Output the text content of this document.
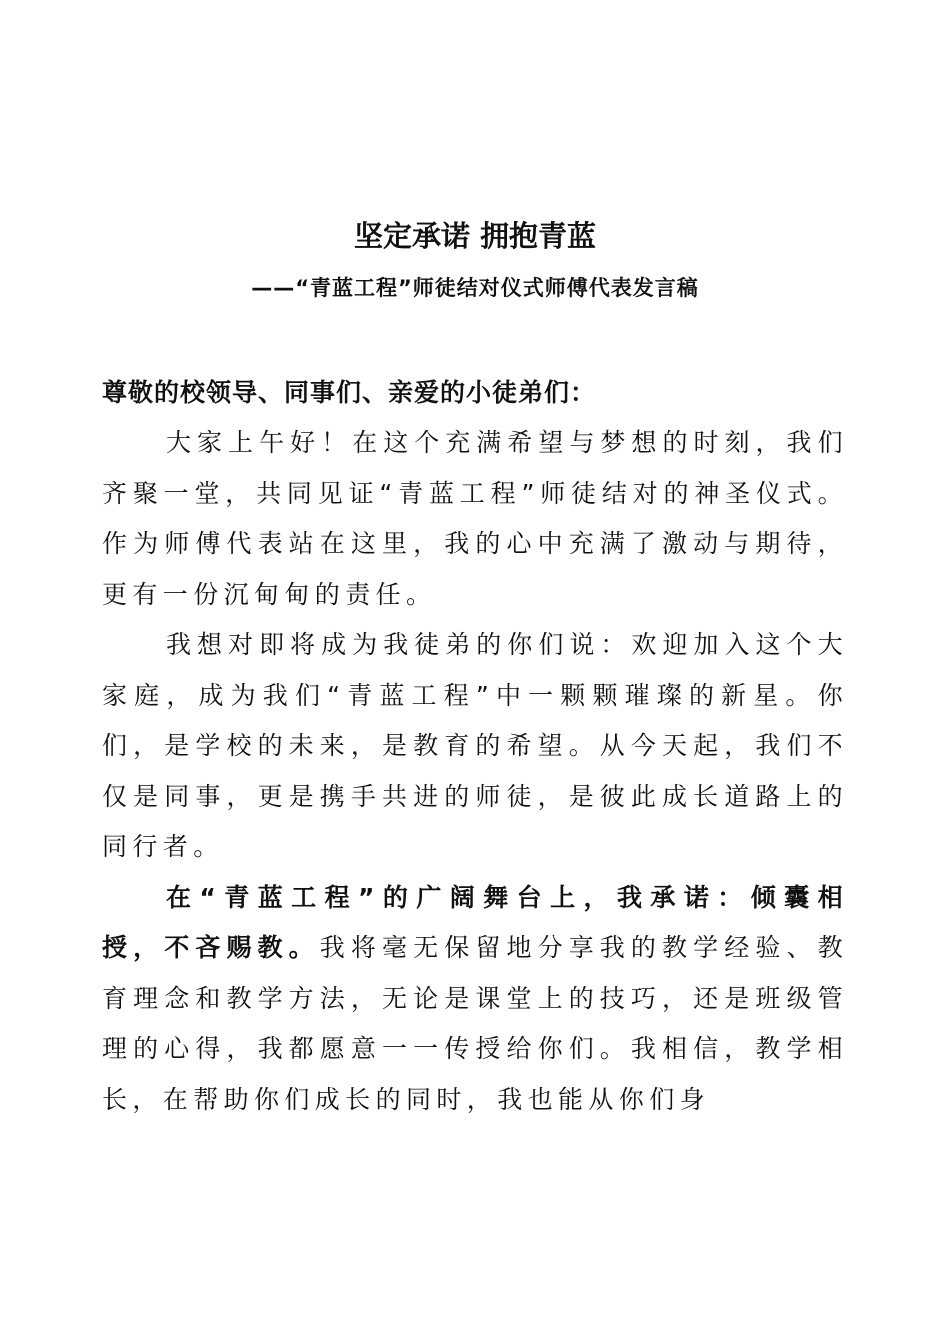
坚定承诺 拥抱青蓝
——“青蓝工程”师徒结对仪式师傅代表发言稿
尊敬的校领导、同事们、亲爱的小徒弟们：

大家上午好！在这个充满希望与梦想的时刻，我们齐聚一堂，共同见证“青蓝工程”师徒结对的神圣仪式。作为师傅代表站在这里，我的心中充满了激动与期待，更有一份沉甸甸的责任。

我想对即将成为我徒弟的你们说：欢迎加入这个大家庭，成为我们“青蓝工程”中一颗颗璀璨的新星。你们，是学校的未来，是教育的希望。从今天起，我们不仅是同事，更是携手共进的师徒，是彼此成长道路上的同行者。

在“青蓝工程”的广阔舞台上，我承诺：倾囊相授，不吝赐教。我将毫无保留地分享我的教学经验、教育理念和教学方法，无论是课堂上的技巧，还是班级管理的心得，我都愿意一一传授给你们。我相信，教学相长，在帮助你们成长的同时，我也能从你们身
